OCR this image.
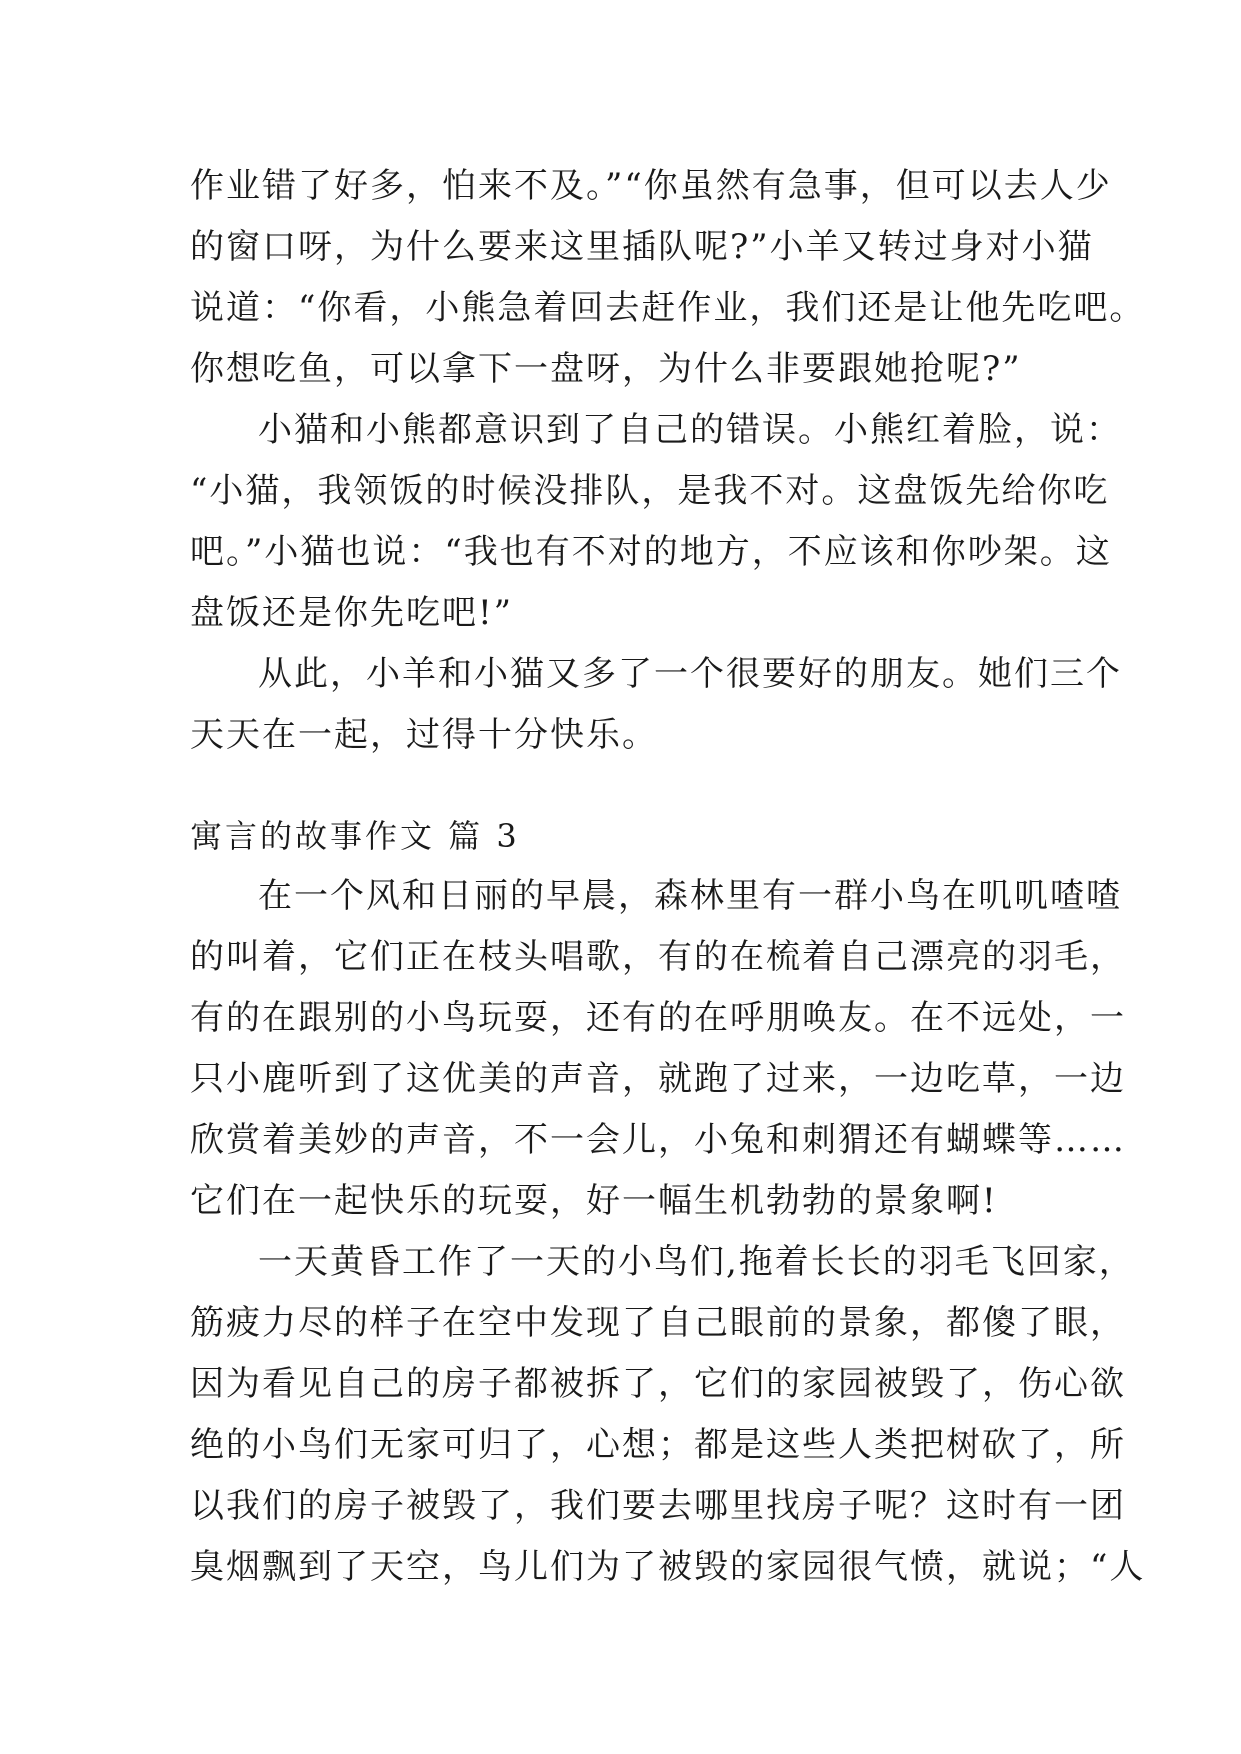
作业错了好多，怕来不及。”“你虽然有急事，但可以去人少
的窗口呀，为什么要来这里插队呢?”小羊又转过身对小猫
说道：“你看，小熊急着回去赶作业，我们还是让他先吃吧。
你想吃鱼，可以拿下一盘呀，为什么非要跟她抢呢?”
小猫和小熊都意识到了自己的错误。小熊红着脸，说：
“小猫，我领饭的时候没排队，是我不对。这盘饭先给你吃
吧。”小猫也说：“我也有不对的地方，不应该和你吵架。这
盘饭还是你先吃吧!”
从此，小羊和小猫又多了一个很要好的朋友。她们三个
天天在一起，过得十分快乐。
寓言的故事作文 篇 3
在一个风和日丽的早晨，森林里有一群小鸟在叽叽喳喳
的叫着，它们正在枝头唱歌，有的在梳着自己漂亮的羽毛，
有的在跟别的小鸟玩耍，还有的在呼朋唤友。在不远处，一
只小鹿听到了这优美的声音，就跑了过来，一边吃草，一边
欣赏着美妙的声音，不一会儿，小兔和刺猬还有蝴蝶等……
它们在一起快乐的玩耍，好一幅生机勃勃的景象啊!
一天黄昏工作了一天的小鸟们,拖着长长的羽毛飞回家，
筋疲力尽的样子在空中发现了自己眼前的景象，都傻了眼，
因为看见自己的房子都被拆了，它们的家园被毁了，伤心欲
绝的小鸟们无家可归了，心想；都是这些人类把树砍了，所
以我们的房子被毁了，我们要去哪里找房子呢？这时有一团
臭烟飘到了天空，鸟儿们为了被毁的家园很气愤，就说；“人
